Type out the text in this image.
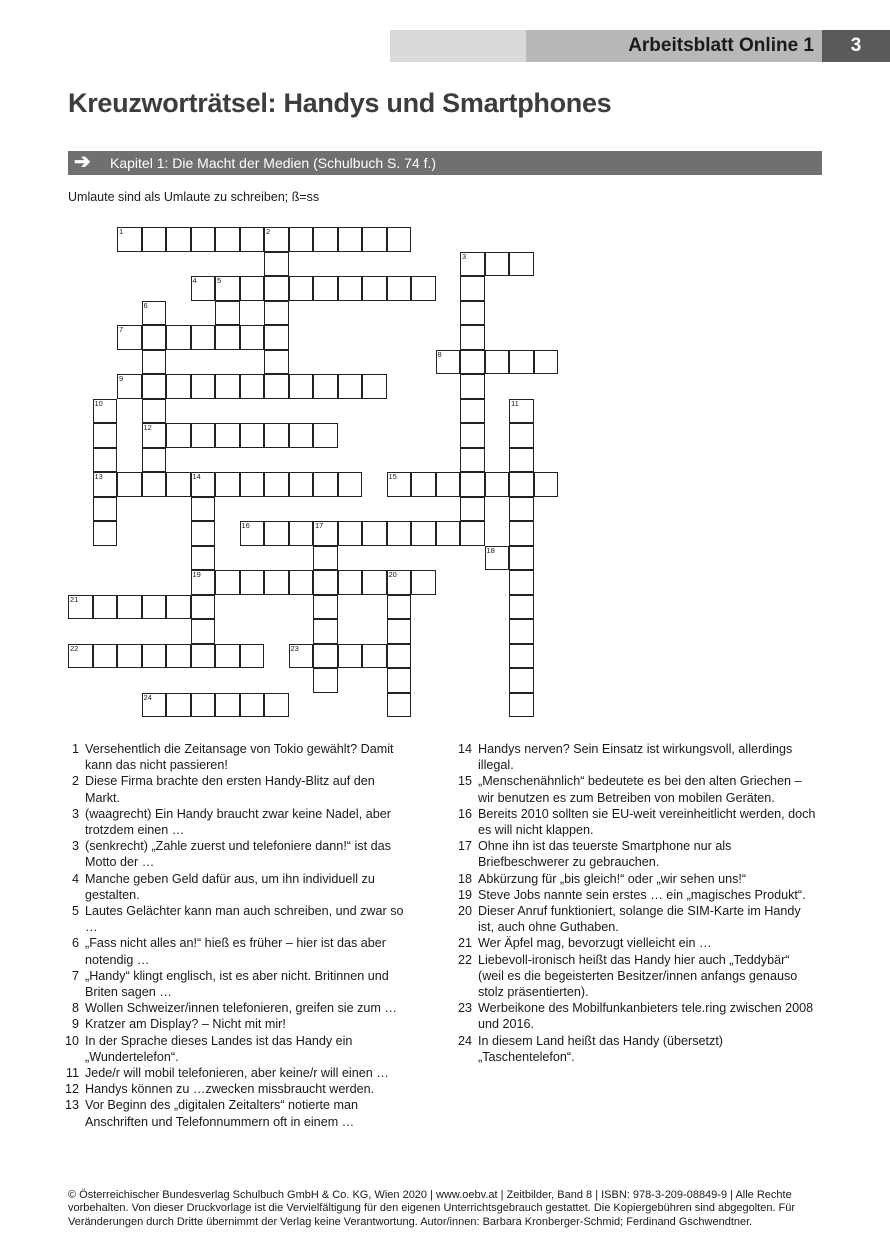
Arbeitsblatt Online 1	3
Kreuzworträtsel: Handys und Smartphones
➔ Kapitel 1: Die Macht der Medien (Schulbuch S. 74 f.)
Umlaute sind als Umlaute zu schreiben; ß=ss
1	2
3
4	5
6
12
7
8
9
10
13
11
14
19
15
16	17
18
20
21
22	23
24
1 Versehentlich die Zeitansage von Tokio gewählt? Damit kann das nicht passieren!
2 Diese Firma brachte den ersten Handy-Blitz auf den Markt.
3 (waagrecht) Ein Handy braucht zwar keine Nadel, aber trotzdem einen …
3 (senkrecht) „Zahle zuerst und telefoniere dann!“ ist das Motto der …
4 Manche geben Geld dafür aus, um ihn individuell zu gestalten.
5 Lautes Gelächter kann man auch schreiben, und zwar so …
6 „Fass nicht alles an!“ hieß es früher – hier ist das aber notendig …
7 „Handy“ klingt englisch, ist es aber nicht. Britinnen und Briten sagen …
8 Wollen Schweizer/innen telefonieren, greifen sie zum …
9 Kratzer am Display? – Nicht mit mir!
10 In der Sprache dieses Landes ist das Handy ein „Wundertelefon“.
11 Jede/r will mobil telefonieren, aber keine/r will einen …
12 Handys können zu …zwecken missbraucht werden.
13 Vor Beginn des „digitalen Zeitalters“ notierte man Anschriften und Telefonnummern oft in einem …
14 Handys nerven? Sein Einsatz ist wirkungsvoll, allerdings illegal.
15 „Menschenähnlich“ bedeutete es bei den alten Griechen – wir benutzen es zum Betreiben von mobilen Geräten.
16 Bereits 2010 sollten sie EU-weit vereinheitlicht werden, doch es will nicht klappen.
17 Ohne ihn ist das teuerste Smartphone nur als Briefbeschwerer zu gebrauchen.
18 Abkürzung für „bis gleich!“ oder „wir sehen uns!“
19 Steve Jobs nannte sein erstes … ein „magisches Produkt“.
20 Dieser Anruf funktioniert, solange die SIM-Karte im Handy ist, auch ohne Guthaben.
21 Wer Äpfel mag, bevorzugt vielleicht ein …
22 Liebevoll-ironisch heißt das Handy hier auch „Teddybär“ (weil es die begeisterten Besitzer/innen anfangs genauso stolz präsentierten).
23 Werbeikone des Mobilfunkanbieters tele.ring zwischen 2008 und 2016.
24 In diesem Land heißt das Handy (übersetzt) „Taschentelefon“.
© Österreichischer Bundesverlag Schulbuch GmbH & Co. KG, Wien 2020 | www.oebv.at | Zeitbilder, Band 8 | ISBN: 978-3-209-08849-9 | Alle Rechte vorbehalten. Von dieser Druckvorlage ist die Vervielfältigung für den eigenen Unterrichtsgebrauch gestattet. Die Kopiergebühren sind abgegolten. Für Veränderungen durch Dritte übernimmt der Verlag keine Verantwortung. Autor/innen: Barbara Kronberger-Schmid; Ferdinand Gschwendtner.
